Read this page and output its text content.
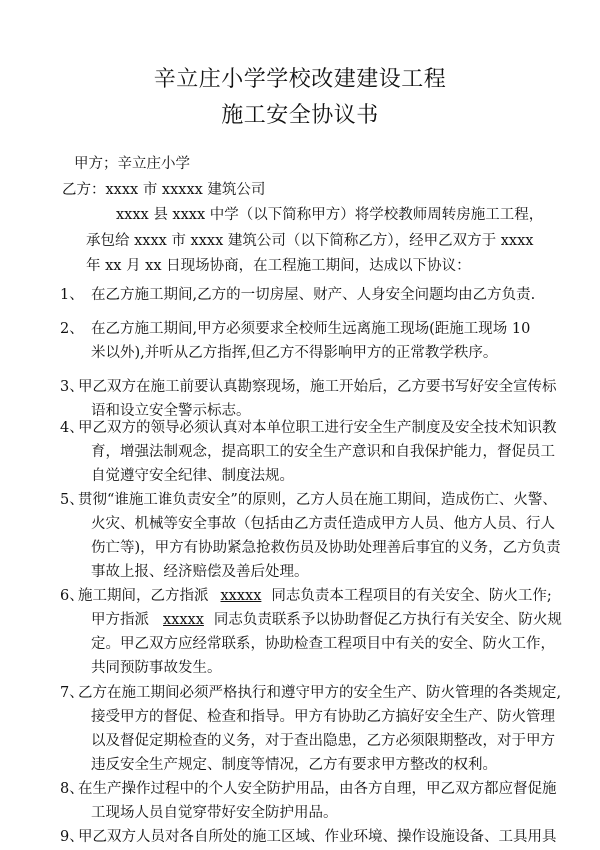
辛立庄小学学校改建建设工程
施工安全协议书
甲方；辛立庄小学
乙方：xxxx 市 xxxxx 建筑公司
xxxx 县 xxxx 中学（以下简称甲方）将学校教师周转房施工工程，
承包给 xxxx 市 xxxx 建筑公司（以下简称乙方），经甲乙双方于 xxxx
年 xx 月 xx 日现场协商，在工程施工期间，达成以下协议：
1、 在乙方施工期间,乙方的一切房屋、财产、人身安全问题均由乙方负责.
2、 在乙方施工期间,甲方必须要求全校师生远离施工现场(距施工现场 10
米以外),并听从乙方指挥,但乙方不得影响甲方的正常教学秩序。
3、
甲乙双方在施工前要认真勘察现场，施工开始后，乙方要书写好安全宣传标
语和设立安全警示标志。
4、
甲乙双方的领导必须认真对本单位职工进行安全生产制度及安全技术知识教
育，增强法制观念，提高职工的安全生产意识和自我保护能力，督促员工
自觉遵守安全纪律、制度法规。
5、
贯彻“谁施工谁负责安全”的原则，乙方人员在施工期间，造成伤亡、火警、
火灾、机械等安全事故（包括由乙方责任造成甲方人员、他方人员、行人
伤亡等)，甲方有协助紧急抢救伤员及协助处理善后事宜的义务，乙方负责
事故上报、经济赔偿及善后处理。
6、
施工期间，乙方指派 xxxxx 同志负责本工程项目的有关安全、防火工作;
甲方指派 xxxxx 同志负责联系予以协助督促乙方执行有关安全、防火规
定。甲乙双方应经常联系，协助检查工程项目中有关的安全、防火工作，
共同预防事故发生。
7、
乙方在施工期间必须严格执行和遵守甲方的安全生产、防火管理的各类规定,
接受甲方的督促、检查和指导。甲方有协助乙方搞好安全生产、防火管理
以及督促定期检查的义务，对于查出隐患，乙方必须限期整改，对于甲方
违反安全生产规定、制度等情况，乙方有要求甲方整改的权利。
8、
在生产操作过程中的个人安全防护用品，由各方自理，甲乙双方都应督促施
工现场人员自觉穿带好安全防护用品。
9、
甲乙双方人员对各自所处的施工区域、作业环境、操作设施设备、工具用具
